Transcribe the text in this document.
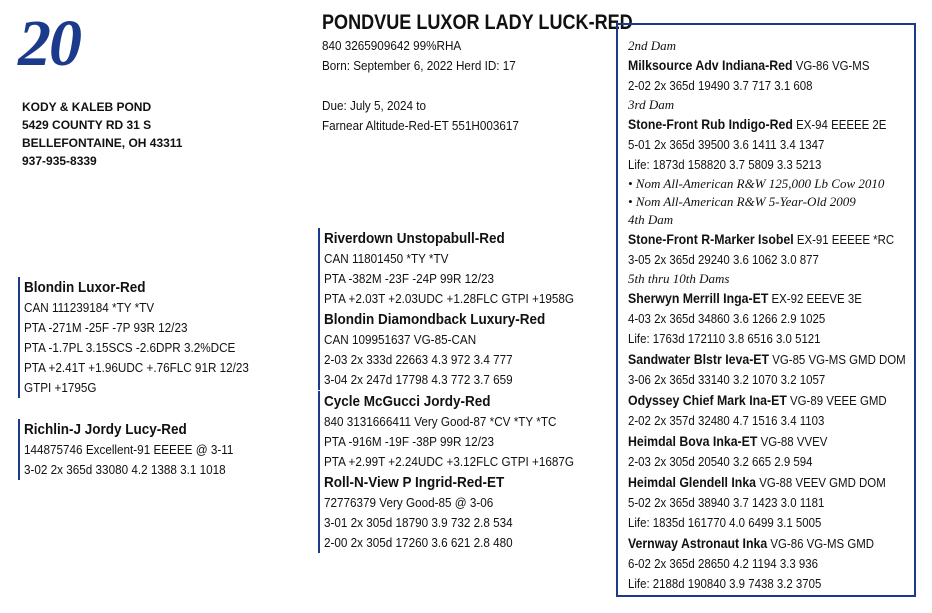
20
KODY & KALEB POND
5429 COUNTY RD 31 S
BELLEFONTAINE, OH 43311
937-935-8339
PONDVUE LUXOR LADY LUCK-RED
840 3265909642 99%RHA
Born: September 6, 2022 Herd ID: 17
Due: July 5, 2024 to
Farnear Altitude-Red-ET 551H003617
Blondin Luxor-Red
CAN 111239184 *TY *TV
PTA -271M -25F -7P 93R 12/23
PTA -1.7PL 3.15SCS -2.6DPR 3.2%DCE
PTA +2.41T +1.96UDC +.76FLC 91R 12/23
GTPI +1795G
Richlin-J Jordy Lucy-Red
144875746 Excellent-91 EEEEE @ 3-11
3-02 2x 365d 33080 4.2 1388 3.1 1018
Riverdown Unstopabull-Red
CAN 11801450 *TY *TV
PTA -382M -23F -24P 99R 12/23
PTA +2.03T +2.03UDC +1.28FLC GTPI +1958G
Blondin Diamondback Luxury-Red
CAN 109951637 VG-85-CAN
2-03 2x 333d 22663 4.3 972 3.4 777
3-04 2x 247d 17798 4.3 772 3.7 659
Cycle McGucci Jordy-Red
840 3131666411 Very Good-87 *CV *TY *TC
PTA -916M -19F -38P 99R 12/23
PTA +2.99T +2.24UDC +3.12FLC GTPI +1687G
Roll-N-View P Ingrid-Red-ET
72776379 Very Good-85 @ 3-06
3-01 2x 305d 18790 3.9 732 2.8 534
2-00 2x 305d 17260 3.6 621 2.8 480
2nd Dam
Milksource Adv Indiana-Red VG-86 VG-MS
2-02 2x 365d 19490 3.7 717 3.1 608
3rd Dam
Stone-Front Rub Indigo-Red EX-94 EEEEE 2E
5-01 2x 365d 39500 3.6 1411 3.4 1347
Life: 1873d 158820 3.7 5809 3.3 5213
• Nom All-American R&W 125,000 Lb Cow 2010
• Nom All-American R&W 5-Year-Old 2009
4th Dam
Stone-Front R-Marker Isobel EX-91 EEEEE *RC
3-05 2x 365d 29240 3.6 1062 3.0 877
5th thru 10th Dams
Sherwyn Merrill Inga-ET EX-92 EEEVE 3E
4-03 2x 365d 34860 3.6 1266 2.9 1025
Life: 1763d 172110 3.8 6516 3.0 5121
Sandwater Blstr Ieva-ET VG-85 VG-MS GMD DOM
3-06 2x 365d 33140 3.2 1070 3.2 1057
Odyssey Chief Mark Ina-ET VG-89 VEEE GMD
2-02 2x 357d 32480 4.7 1516 3.4 1103
Heimdal Bova Inka-ET VG-88 VVEV
2-03 2x 305d 20540 3.2 665 2.9 594
Heimdal Glendell Inka VG-88 VEEV GMD DOM
5-02 2x 365d 38940 3.7 1423 3.0 1181
Life: 1835d 161770 4.0 6499 3.1 5005
Vernway Astronaut Inka VG-86 VG-MS GMD
6-02 2x 365d 28650 4.2 1194 3.3 936
Life: 2188d 190840 3.9 7438 3.2 3705
